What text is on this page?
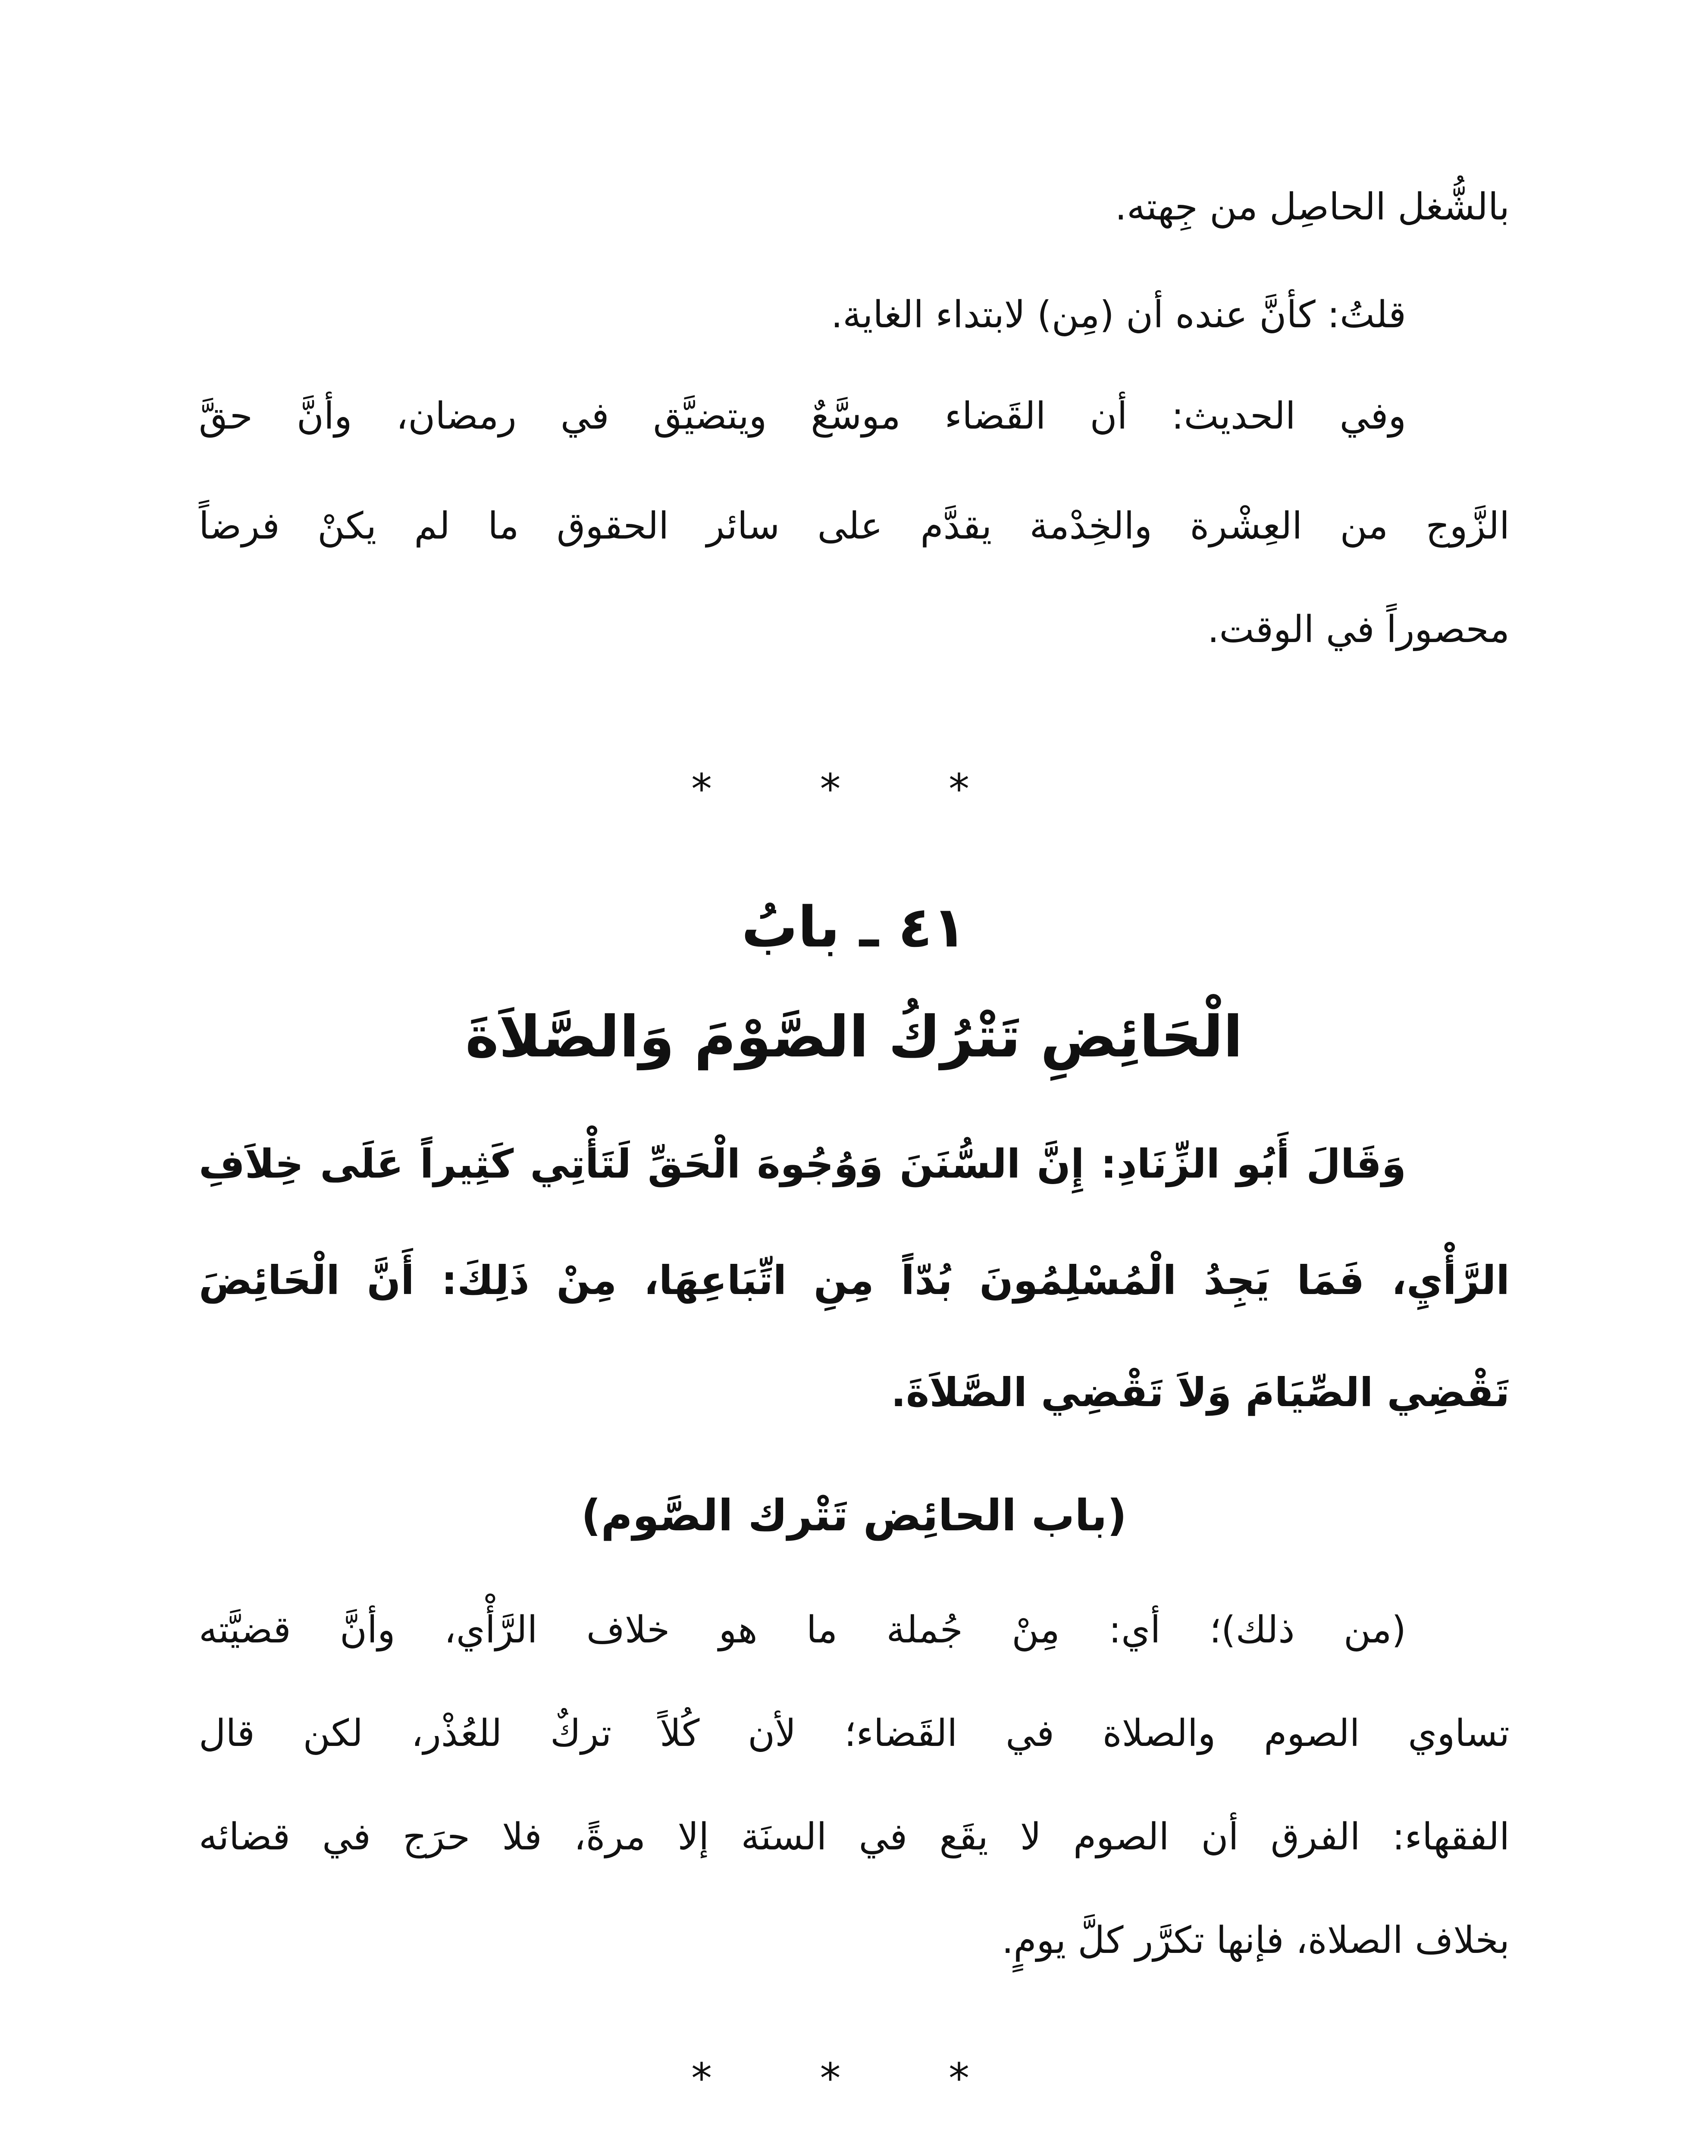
بالشُّغل الحاصِل من جِهته.
قلتُ: كأنَّ عنده أن (مِن) لابتداء الغاية.
وفي الحديث: أن القَضاء موسَّعٌ ويتضيَّق في رمضان، وأنَّ حقَّ
الزَّوج من العِشْرة والخِدْمة يقدَّم على سائر الحقوق ما لم يكنْ فرضاً
محصوراً في الوقت.
* * *
٤١ ـ بابُ
الْحَائِضِ تَتْرُكُ الصَّوْمَ وَالصَّلاَةَ
وَقَالَ أَبُو الزِّنَادِ: إِنَّ السُّنَنَ وَوُجُوهَ الْحَقِّ لَتَأْتِي كَثِيراً عَلَى خِلاَفِ
الرَّأْيِ، فَمَا يَجِدُ الْمُسْلِمُونَ بُدّاً مِنِ اتِّبَاعِهَا، مِنْ ذَلِكَ: أَنَّ الْحَائِضَ
تَقْضِي الصِّيَامَ وَلاَ تَقْضِي الصَّلاَةَ.
(باب الحائِض تَتْرك الصَّوم)
(من ذلك)؛ أي: مِنْ جُملة ما هو خلاف الرَّأْي، وأنَّ قضيَّته
تساوي الصوم والصلاة في القَضاء؛ لأن كُلاً تركٌ للعُذْر، لكن قال
الفقهاء: الفرق أن الصوم لا يقَع في السنَة إلا مرةً، فلا حرَج في قضائه
بخلاف الصلاة، فإنها تكرَّر كلَّ يومٍ.
* * *
